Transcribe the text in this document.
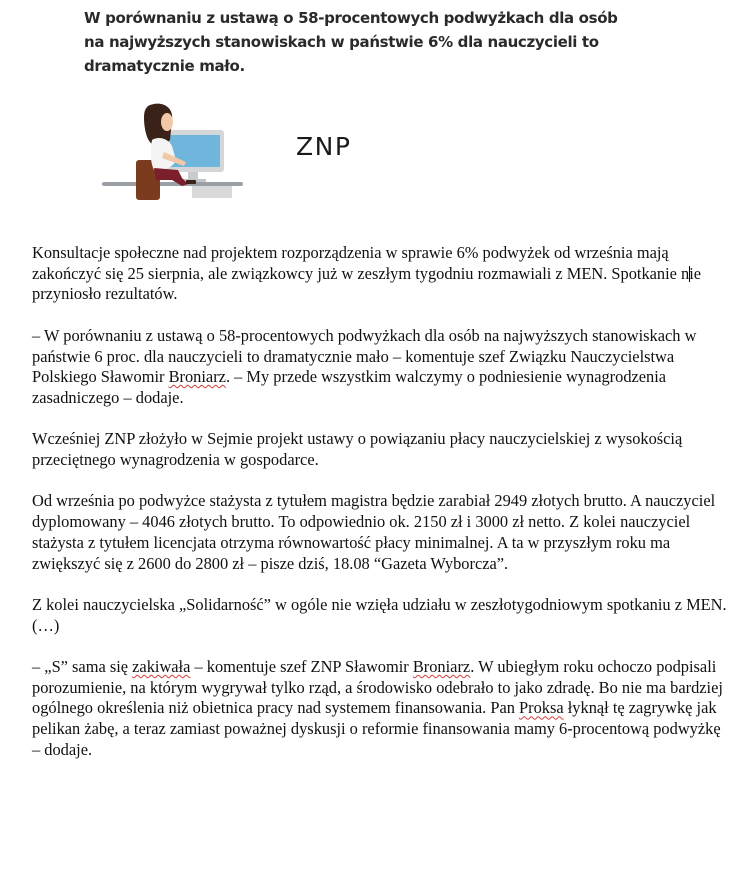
W porównaniu z ustawą o 58-procentowych podwyżkach dla osób
na najwyższych stanowiskach w państwie 6% dla nauczycieli to
dramatycznie mało.
ZNP

Konsultacje społeczne nad projektem rozporządzenia w sprawie 6% podwyżek od września mają zakończyć się 25 sierpnia, ale związkowcy już w zeszłym tygodniu rozmawiali z MEN. Spotkanie nie przyniosło rezultatów.

– W porównaniu z ustawą o 58-procentowych podwyżkach dla osób na najwyższych stanowiskach w państwie 6 proc. dla nauczycieli to dramatycznie mało – komentuje szef Związku Nauczycielstwa Polskiego Sławomir Broniarz. – My przede wszystkim walczymy o podniesienie wynagrodzenia zasadniczego – dodaje.

Wcześniej ZNP złożyło w Sejmie projekt ustawy o powiązaniu płacy nauczycielskiej z wysokością przeciętnego wynagrodzenia w gospodarce.

Od września po podwyżce stażysta z tytułem magistra będzie zarabiał 2949 złotych brutto. A nauczyciel dyplomowany – 4046 złotych brutto. To odpowiednio ok. 2150 zł i 3000 zł netto. Z kolei nauczyciel stażysta z tytułem licencjata otrzyma równowartość płacy minimalnej. A ta w przyszłym roku ma zwiększyć się z 2600 do 2800 zł – pisze dziś, 18.08 “Gazeta Wyborcza”.

Z kolei nauczycielska „Solidarność” w ogóle nie wzięła udziału w zeszłotygodniowym spotkaniu z MEN. (…)

– „S” sama się zakiwała – komentuje szef ZNP Sławomir Broniarz. W ubiegłym roku ochoczo podpisali porozumienie, na którym wygrywał tylko rząd, a środowisko odebrało to jako zdradę. Bo nie ma bardziej ogólnego określenia niż obietnica pracy nad systemem finansowania. Pan Proksa łyknął tę zagrywkę jak pelikan żabę, a teraz zamiast poważnej dyskusji o reformie finansowania mamy 6-procentową podwyżkę – dodaje.
